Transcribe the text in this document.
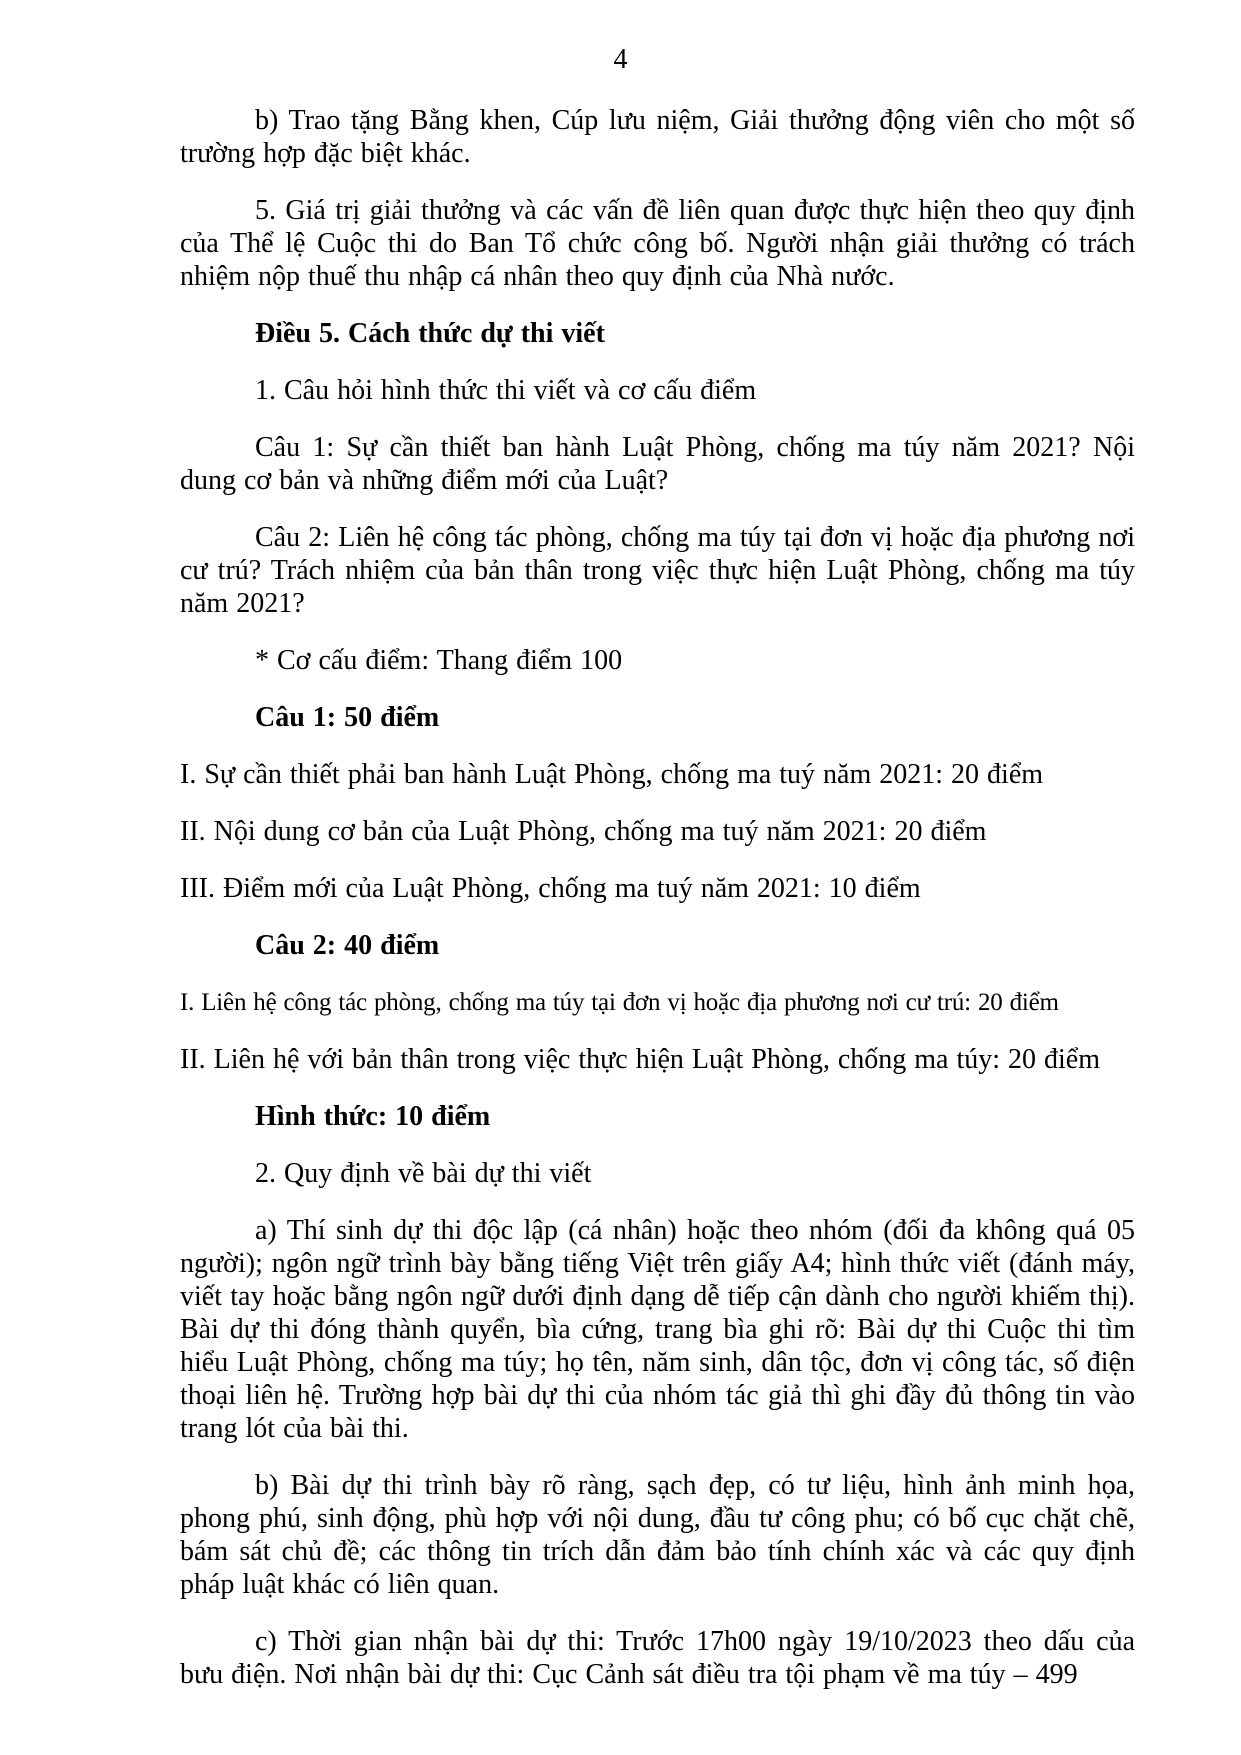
4

b) Trao tặng Bằng khen, Cúp lưu niệm, Giải thưởng động viên cho một số trường hợp đặc biệt khác.

5. Giá trị giải thưởng và các vấn đề liên quan được thực hiện theo quy định của Thể lệ Cuộc thi do Ban Tổ chức công bố. Người nhận giải thưởng có trách nhiệm nộp thuế thu nhập cá nhân theo quy định của Nhà nước.

Điều 5. Cách thức dự thi viết

1. Câu hỏi hình thức thi viết và cơ cấu điểm

Câu 1: Sự cần thiết ban hành Luật Phòng, chống ma túy năm 2021? Nội dung cơ bản và những điểm mới của Luật?

Câu 2: Liên hệ công tác phòng, chống ma túy tại đơn vị hoặc địa phương nơi cư trú? Trách nhiệm của bản thân trong việc thực hiện Luật Phòng, chống ma túy năm 2021?

* Cơ cấu điểm: Thang điểm 100

Câu 1: 50 điểm

I. Sự cần thiết phải ban hành Luật Phòng, chống ma tuý năm 2021: 20 điểm

II. Nội dung cơ bản của Luật Phòng, chống ma tuý năm 2021: 20 điểm

III. Điểm mới của Luật Phòng, chống ma tuý năm 2021: 10 điểm

Câu 2: 40 điểm

I. Liên hệ công tác phòng, chống ma túy tại đơn vị hoặc địa phương nơi cư trú: 20 điểm

II. Liên hệ với bản thân trong việc thực hiện Luật Phòng, chống ma túy: 20 điểm

Hình thức: 10 điểm

2. Quy định về bài dự thi viết

a) Thí sinh dự thi độc lập (cá nhân) hoặc theo nhóm (đối đa không quá 05 người); ngôn ngữ trình bày bằng tiếng Việt trên giấy A4; hình thức viết (đánh máy, viết tay hoặc bằng ngôn ngữ dưới định dạng dễ tiếp cận dành cho người khiếm thị). Bài dự thi đóng thành quyển, bìa cứng, trang bìa ghi rõ: Bài dự thi Cuộc thi tìm hiểu Luật Phòng, chống ma túy; họ tên, năm sinh, dân tộc, đơn vị công tác, số điện thoại liên hệ. Trường hợp bài dự thi của nhóm tác giả thì ghi đầy đủ thông tin vào trang lót của bài thi.

b) Bài dự thi trình bày rõ ràng, sạch đẹp, có tư liệu, hình ảnh minh họa, phong phú, sinh động, phù hợp với nội dung, đầu tư công phu; có bố cục chặt chẽ, bám sát chủ đề; các thông tin trích dẫn đảm bảo tính chính xác và các quy định pháp luật khác có liên quan.

c) Thời gian nhận bài dự thi: Trước 17h00 ngày 19/10/2023 theo dấu của bưu điện. Nơi nhận bài dự thi: Cục Cảnh sát điều tra tội phạm về ma túy – 499
